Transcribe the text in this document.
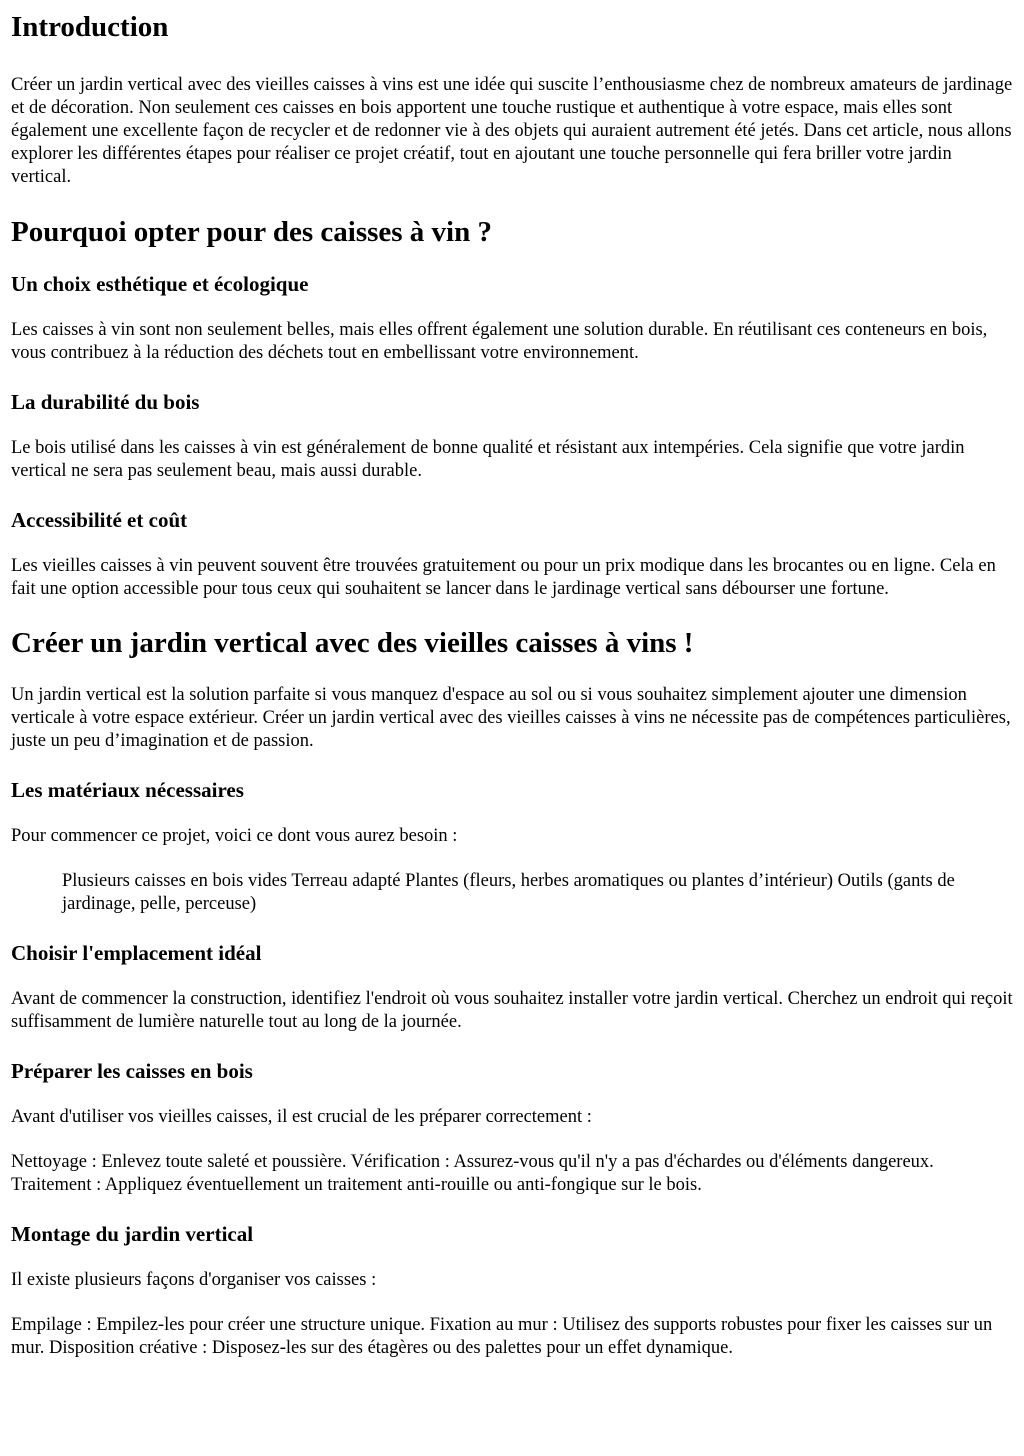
Introduction

Créer un jardin vertical avec des vieilles caisses à vins est une idée qui suscite l’enthousiasme chez de nombreux amateurs de jardinage et de décoration. Non seulement ces caisses en bois apportent une touche rustique et authentique à votre espace, mais elles sont également une excellente façon de recycler et de redonner vie à des objets qui auraient autrement été jetés. Dans cet article, nous allons explorer les différentes étapes pour réaliser ce projet créatif, tout en ajoutant une touche personnelle qui fera briller votre jardin vertical.

Pourquoi opter pour des caisses à vin ?
Un choix esthétique et écologique

Les caisses à vin sont non seulement belles, mais elles offrent également une solution durable. En réutilisant ces conteneurs en bois, vous contribuez à la réduction des déchets tout en embellissant votre environnement.

La durabilité du bois

Le bois utilisé dans les caisses à vin est généralement de bonne qualité et résistant aux intempéries. Cela signifie que votre jardin vertical ne sera pas seulement beau, mais aussi durable.

Accessibilité et coût

Les vieilles caisses à vin peuvent souvent être trouvées gratuitement ou pour un prix modique dans les brocantes ou en ligne. Cela en fait une option accessible pour tous ceux qui souhaitent se lancer dans le jardinage vertical sans débourser une fortune.

Créer un jardin vertical avec des vieilles caisses à vins !

Un jardin vertical est la solution parfaite si vous manquez d'espace au sol ou si vous souhaitez simplement ajouter une dimension verticale à votre espace extérieur. Créer un jardin vertical avec des vieilles caisses à vins ne nécessite pas de compétences particulières, juste un peu d’imagination et de passion.

Les matériaux nécessaires

Pour commencer ce projet, voici ce dont vous aurez besoin :

Plusieurs caisses en bois vides Terreau adapté Plantes (fleurs, herbes aromatiques ou plantes d’intérieur) Outils (gants de jardinage, pelle, perceuse)
Choisir l'emplacement idéal

Avant de commencer la construction, identifiez l'endroit où vous souhaitez installer votre jardin vertical. Cherchez un endroit qui reçoit suffisamment de lumière naturelle tout au long de la journée.

Préparer les caisses en bois

Avant d'utiliser vos vieilles caisses, il est crucial de les préparer correctement :

Nettoyage : Enlevez toute saleté et poussière. Vérification : Assurez-vous qu'il n'y a pas d'échardes ou d'éléments dangereux. Traitement : Appliquez éventuellement un traitement anti-rouille ou anti-fongique sur le bois.

Montage du jardin vertical

Il existe plusieurs façons d'organiser vos caisses :

Empilage : Empilez-les pour créer une structure unique. Fixation au mur : Utilisez des supports robustes pour fixer les caisses sur un mur. Disposition créative : Disposez-les sur des étagères ou des palettes pour un effet dynamique.
